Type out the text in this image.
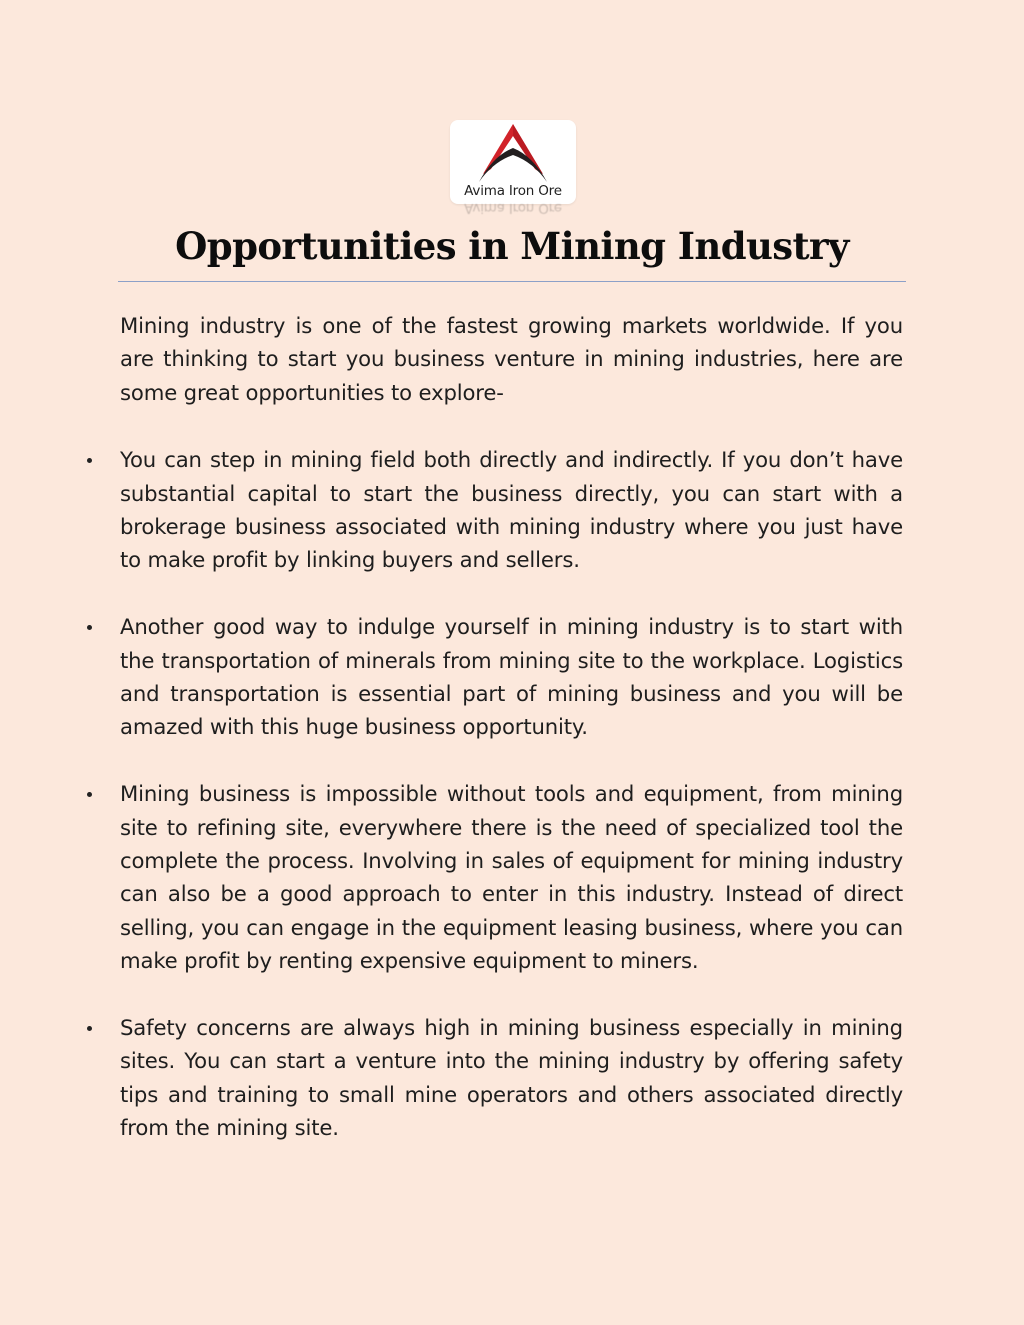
Avima Iron Ore
Avima Iron Ore
Opportunities in Mining Industry

Mining industry is one of the fastest growing markets worldwide. If you are thinking to start you business venture in mining industries, here are some great opportunities to explore-

You can step in mining field both directly and indirectly. If you don’t have substantial capital to start the business directly, you can start with a brokerage business associated with mining industry where you just have to make profit by linking buyers and sellers.
Another good way to indulge yourself in mining industry is to start with the transportation of minerals from mining site to the workplace. Logistics and transportation is essential part of mining business and you will be amazed with this huge business opportunity.
Mining business is impossible without tools and equipment, from mining site to refining site, everywhere there is the need of specialized tool the complete the process. Involving in sales of equipment for mining industry can also be a good approach to enter in this industry. Instead of direct selling, you can engage in the equipment leasing business, where you can make profit by renting expensive equipment to miners.
Safety concerns are always high in mining business especially in mining sites. You can start a venture into the mining industry by offering safety tips and training to small mine operators and others associated directly from the mining site.
